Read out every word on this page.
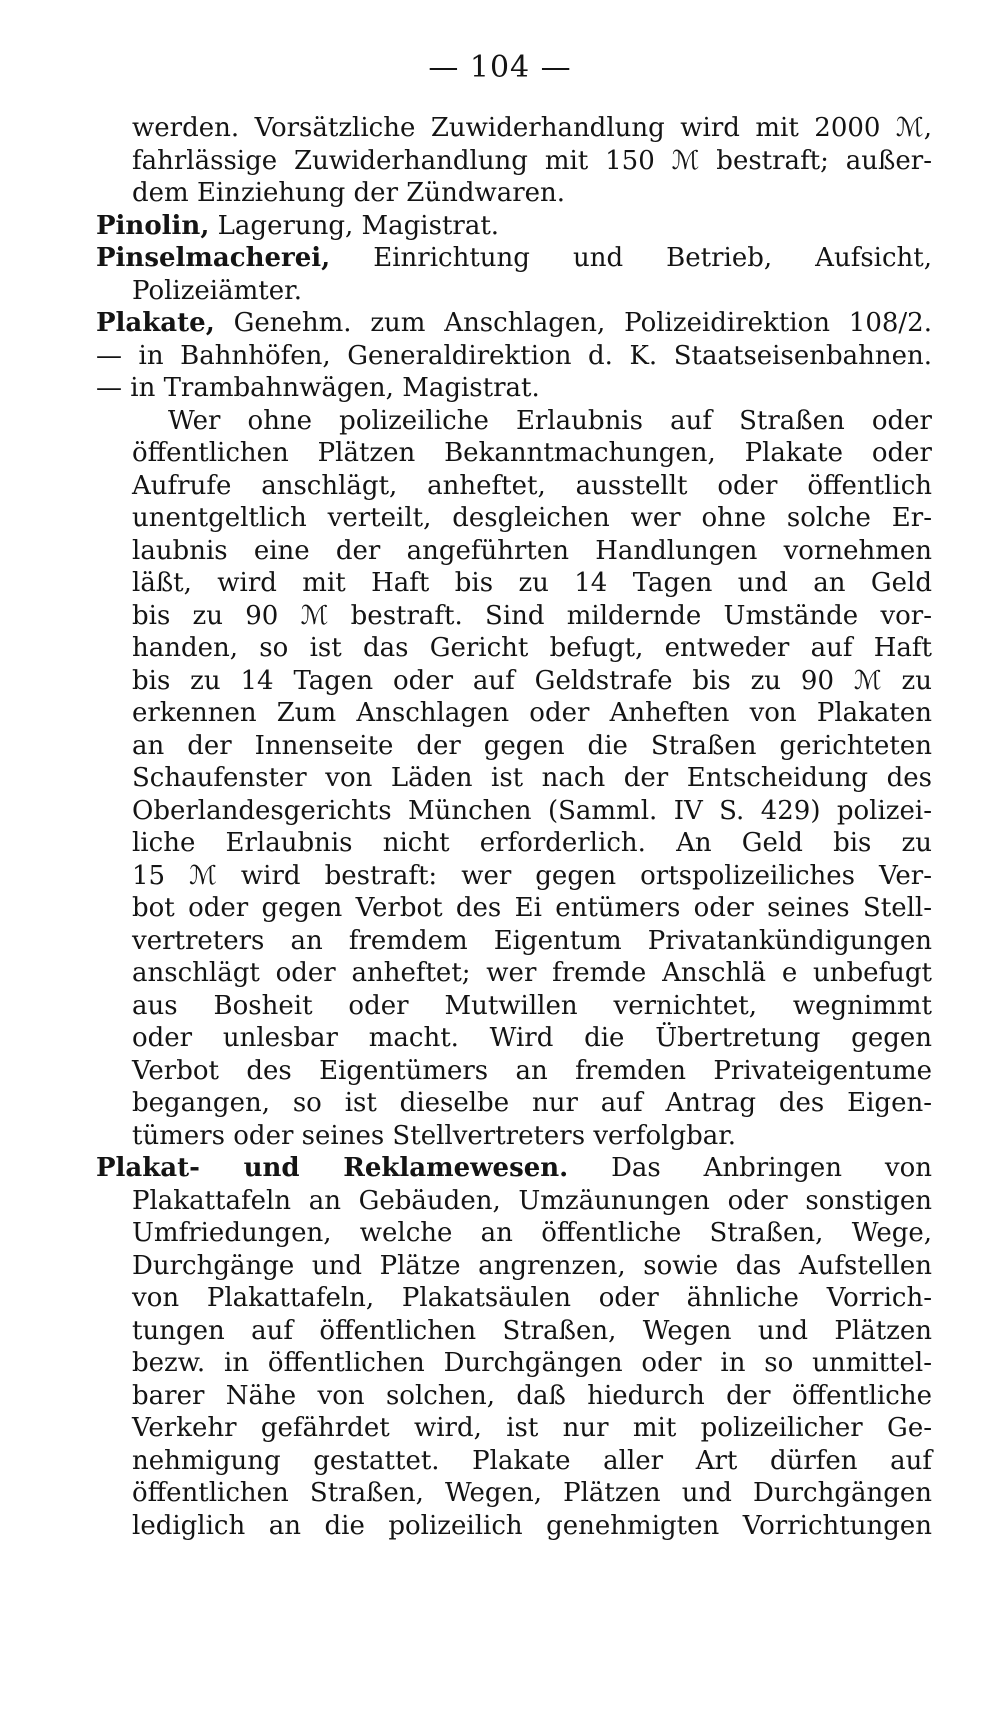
— 104 —
werden. Vorsätzliche Zuwiderhandlung wird mit 2000 ℳ,
fahrlässige Zuwiderhandlung mit 150 ℳ bestraft; außer-
dem Einziehung der Zündwaren.
Pinolin, Lagerung, Magistrat.
Pinselmacherei, Einrichtung und Betrieb, Aufsicht,
Polizeiämter.
Plakate, Genehm. zum Anschlagen, Polizeidirektion 108/2.
— in Bahnhöfen, Generaldirektion d. K. Staatseisenbahnen.
— in Trambahnwägen, Magistrat.
Wer ohne polizeiliche Erlaubnis auf Straßen oder
öffentlichen Plätzen Bekanntmachungen, Plakate oder
Aufrufe anschlägt, anheftet, ausstellt oder öffentlich
unentgeltlich verteilt, desgleichen wer ohne solche Er-
laubnis eine der angeführten Handlungen vornehmen
läßt, wird mit Haft bis zu 14 Tagen und an Geld
bis zu 90 ℳ bestraft. Sind mildernde Umstände vor-
handen, so ist das Gericht befugt, entweder auf Haft
bis zu 14 Tagen oder auf Geldstrafe bis zu 90 ℳ zu
erkennen Zum Anschlagen oder Anheften von Plakaten
an der Innenseite der gegen die Straßen gerichteten
Schaufenster von Läden ist nach der Entscheidung des
Oberlandesgerichts München (Samml. IV S. 429) polizei-
liche Erlaubnis nicht erforderlich. An Geld bis zu
15 ℳ wird bestraft: wer gegen ortspolizeiliches Ver-
bot oder gegen Verbot des Ei entümers oder seines Stell-
vertreters an fremdem Eigentum Privatankündigungen
anschlägt oder anheftet; wer fremde Anschlä e unbefugt
aus Bosheit oder Mutwillen vernichtet, wegnimmt
oder unlesbar macht. Wird die Übertretung gegen
Verbot des Eigentümers an fremden Privateigentume
begangen, so ist dieselbe nur auf Antrag des Eigen-
tümers oder seines Stellvertreters verfolgbar.
Plakat- und Reklamewesen. Das Anbringen von
Plakattafeln an Gebäuden, Umzäunungen oder sonstigen
Umfriedungen, welche an öffentliche Straßen, Wege,
Durchgänge und Plätze angrenzen, sowie das Aufstellen
von Plakattafeln, Plakatsäulen oder ähnliche Vorrich-
tungen auf öffentlichen Straßen, Wegen und Plätzen
bezw. in öffentlichen Durchgängen oder in so unmittel-
barer Nähe von solchen, daß hiedurch der öffentliche
Verkehr gefährdet wird, ist nur mit polizeilicher Ge-
nehmigung gestattet. Plakate aller Art dürfen auf
öffentlichen Straßen, Wegen, Plätzen und Durchgängen
lediglich an die polizeilich genehmigten Vorrichtungen
